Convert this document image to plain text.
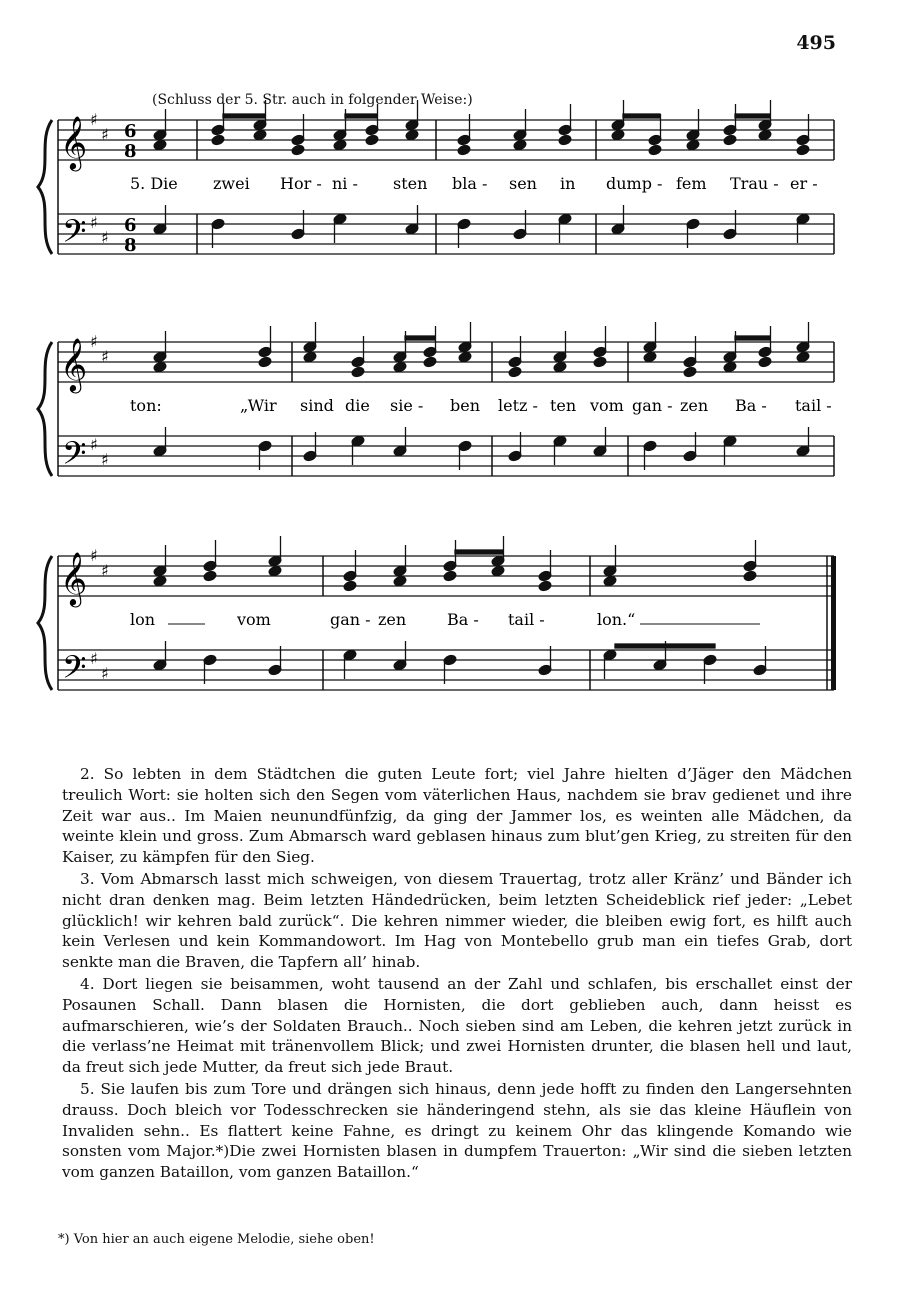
495
(Schluss der 5. Str. auch in folgender Weise:)
𝄞
𝄢
♯
♯
♯
♯
6
8
6
8
5. Die zwei Hor - ni - sten bla - sen in dump - fem Trau - er -
𝄞
𝄢
♯
♯
♯
♯
ton:	„Wir sind die sie - ben letz - ten vom gan - zen Ba - tail -
𝄞
𝄢
♯
♯
♯
♯
lon	vom	gan - zen	Ba - tail -	lon.“

2. So lebten in dem Städtchen die guten Leute fort; viel Jahre hielten d’Jäger den Mädchen treulich Wort: sie holten sich den Segen vom väterlichen Haus, nachdem sie brav gedienet und ihre Zeit war aus.. Im Maien neunundfünfzig, da ging der Jammer los, es weinten alle Mädchen, da weinte klein und gross. Zum Abmarsch ward geblasen hinaus zum blut’gen Krieg, zu streiten für den Kaiser, zu kämpfen für den Sieg.

3. Vom Abmarsch lasst mich schweigen, von diesem Trauertag, trotz aller Kränz’ und Bänder ich nicht dran denken mag. Beim letzten Händedrücken, beim letzten Scheideblick rief jeder: „Lebet glücklich! wir kehren bald zurück“. Die kehren nimmer wieder, die bleiben ewig fort, es hilft auch kein Verlesen und kein Kommandowort. Im Hag von Montebello grub man ein tiefes Grab, dort senkte man die Braven, die Tapfern all’ hinab.

4. Dort liegen sie beisammen, woht tausend an der Zahl und schlafen, bis erschallet einst der Posaunen Schall. Dann blasen die Hornisten, die dort geblieben auch, dann heisst es aufmarschieren, wie’s der Soldaten Brauch.. Noch sieben sind am Leben, die kehren jetzt zurück in die verlass’ne Heimat mit tränenvollem Blick; und zwei Hornisten drunter, die blasen hell und laut, da freut sich jede Mutter, da freut sich jede Braut.

5. Sie laufen bis zum Tore und drängen sich hinaus, denn jede hofft zu finden den Langersehnten drauss. Doch bleich vor Todesschrecken sie händeringend stehn, als sie das kleine Häuflein von Invaliden sehn.. Es flattert keine Fahne, es dringt zu keinem Ohr das klingende Komando wie sonsten vom Major.*)Die zwei Hornisten blasen in dumpfem Trauerton: „Wir sind die sieben letzten vom ganzen Bataillon, vom ganzen Bataillon.“

*) Von hier an auch eigene Melodie, siehe oben!
